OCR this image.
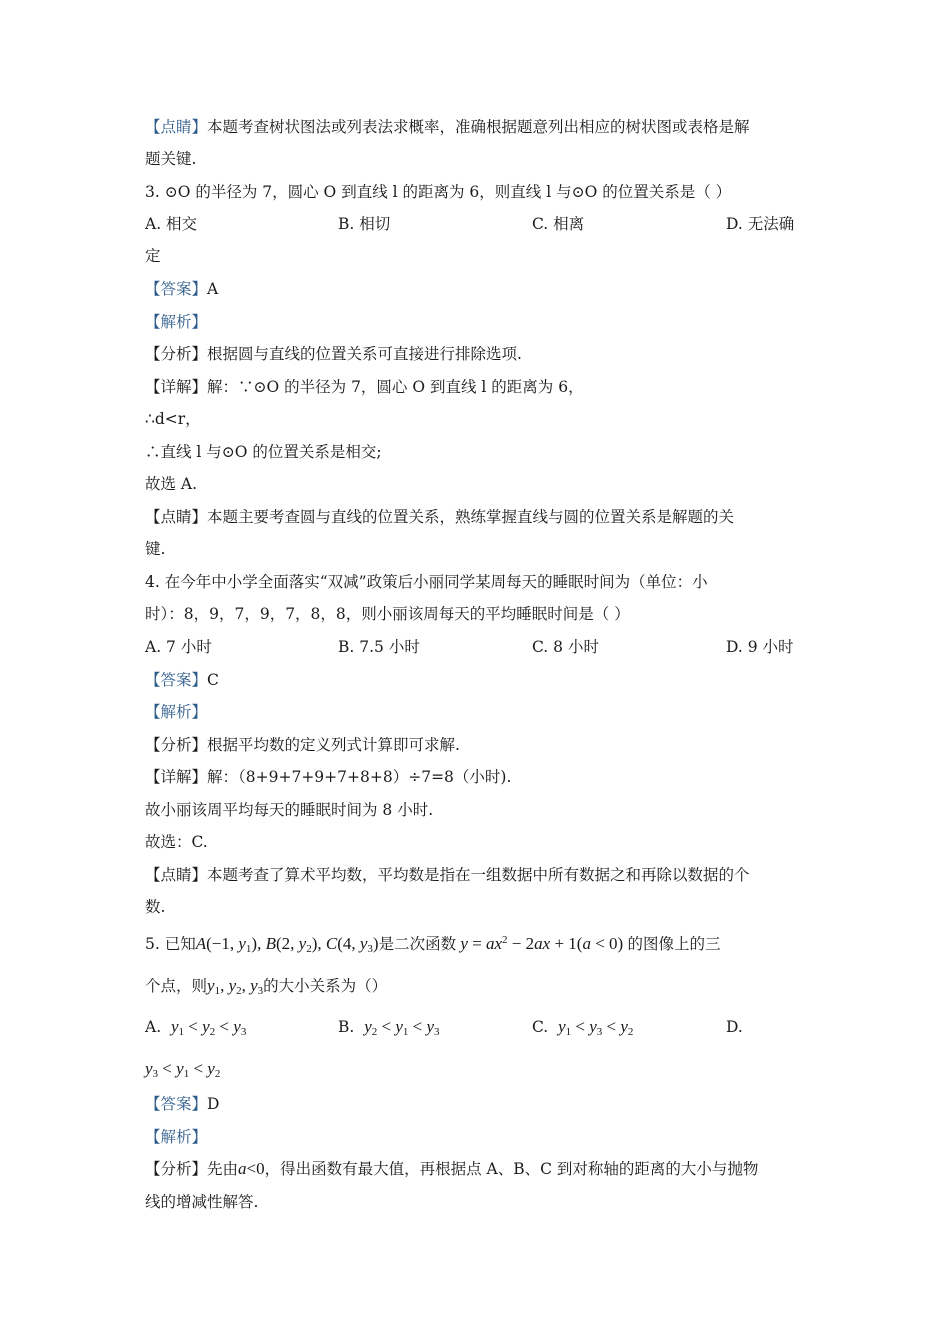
【点睛】本题考查树状图法或列表法求概率，准确根据题意列出相应的树状图或表格是解
题关键.
3. ⊙O 的半径为 7，圆心 O 到直线 l 的距离为 6，则直线 l 与⊙O 的位置关系是（ ）
A. 相交	B. 相切	C. 相离	D. 无法确
定
【答案】A
【解析】
【分析】根据圆与直线的位置关系可直接进行排除选项.
【详解】解：∵⊙O 的半径为 7，圆心 O 到直线 l 的距离为 6，
∴d<r，
∴直线 l 与⊙O 的位置关系是相交;
故选 A.
【点睛】本题主要考查圆与直线的位置关系，熟练掌握直线与圆的位置关系是解题的关
键.
4. 在今年中小学全面落实“双减”政策后小丽同学某周每天的睡眠时间为（单位：小
时）：8，9，7，9，7，8，8，则小丽该周每天的平均睡眠时间是（ ）
A. 7 小时	B. 7.5 小时	C. 8 小时	D. 9 小时
【答案】C
【解析】
【分析】根据平均数的定义列式计算即可求解.
【详解】解：（8+9+7+9+7+8+8）÷7=8（小时).
故小丽该周平均每天的睡眠时间为 8 小时.
故选：C.
【点睛】本题考查了算术平均数，平均数是指在一组数据中所有数据之和再除以数据的个
数.
5. 已知A(−1, $y_1$), B(2, $y_2$), C(4, $y_3$)是二次函数 $y = ax^2 - 2ax + 1(a < 0)$ 的图像上的三
个点，则$y_1$, $y_2$, $y_3$的大小关系为（）
A. $y_1 < y_2 < y_3$	B. $y_2 < y_1 < y_3$	C. $y_1 < y_3 < y_2$	D.
$y_3 < y_1 < y_2$
【答案】D
【解析】
【分析】先由a<0，得出函数有最大值，再根据点 A、B、C 到对称轴的距离的大小与抛物
线的增减性解答.
